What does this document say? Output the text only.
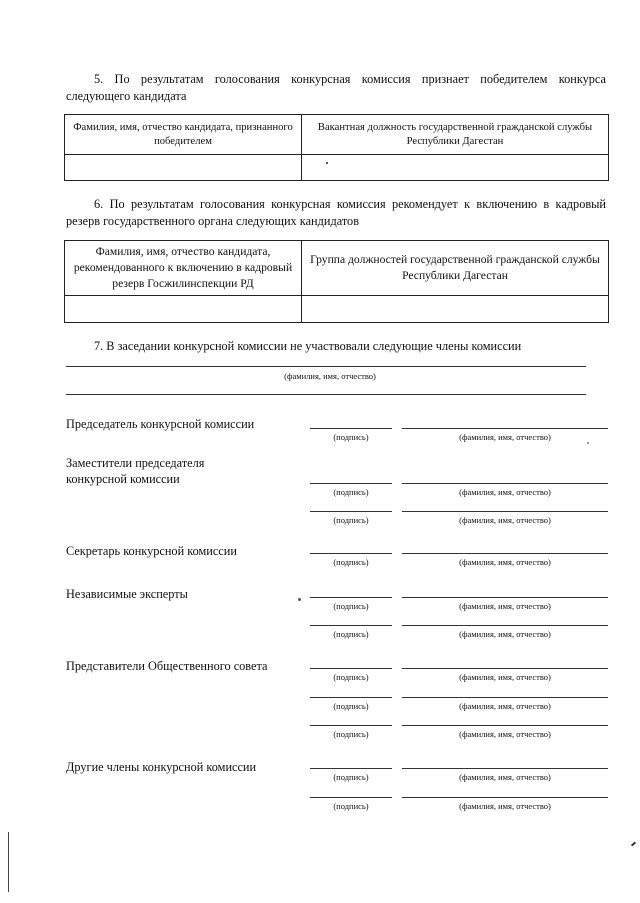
5. По результатам голосования конкурсная комиссия признает победителем конкурса следующего кандидата
Фамилия, имя, отчество кандидата, признанного победителем	Вакантная должность государственной гражданской службы Республики Дагестан

6. По результатам голосования конкурсная комиссия рекомендует к включению в кадровый резерв государственного органа следующих кандидатов
Фамилия, имя, отчество кандидата, рекомендованного к включению в кадровый резерв Госжилинспекции РД	Группа должностей государственной гражданской службы Республики Дагестан

7. В заседании конкурсной комиссии не участвовали следующие члены комиссии
(фамилия, имя, отчество)
Председатель конкурсной комиссии
(подпись)	(фамилия, имя, отчество)
Заместители председателя
конкурсной комиссии
(подпись)	(фамилия, имя, отчество)
(подпись)	(фамилия, имя, отчество)
Секретарь конкурсной комиссии
(подпись)	(фамилия, имя, отчество)
Независимые эксперты
(подпись)	(фамилия, имя, отчество)
(подпись)	(фамилия, имя, отчество)
Представители Общественного совета
(подпись)	(фамилия, имя, отчество)
(подпись)	(фамилия, имя, отчество)
(подпись)	(фамилия, имя, отчество)
Другие члены конкурсной комиссии
(подпись)	(фамилия, имя, отчество)
(подпись)	(фамилия, имя, отчество)
